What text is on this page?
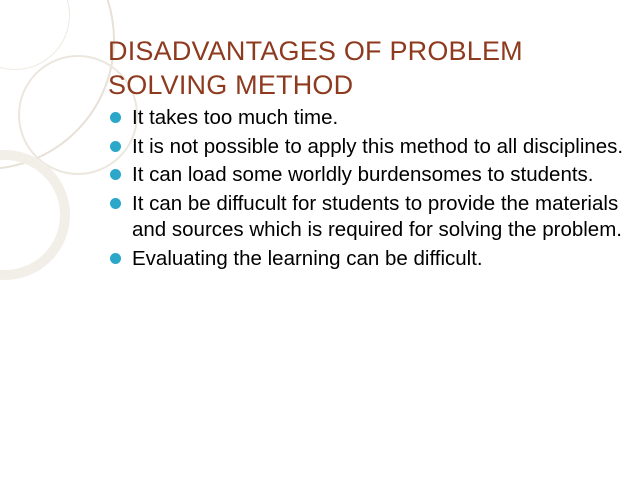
DISADVANTAGES OF PROBLEM
SOLVING METHOD
It takes too much time.
It is not possible to apply this method to all disciplines.
It can load some worldly burdensomes to students.
It can be diffucult for students to provide the materials and sources which is required for solving the problem.
Evaluating the learning can be difficult.
